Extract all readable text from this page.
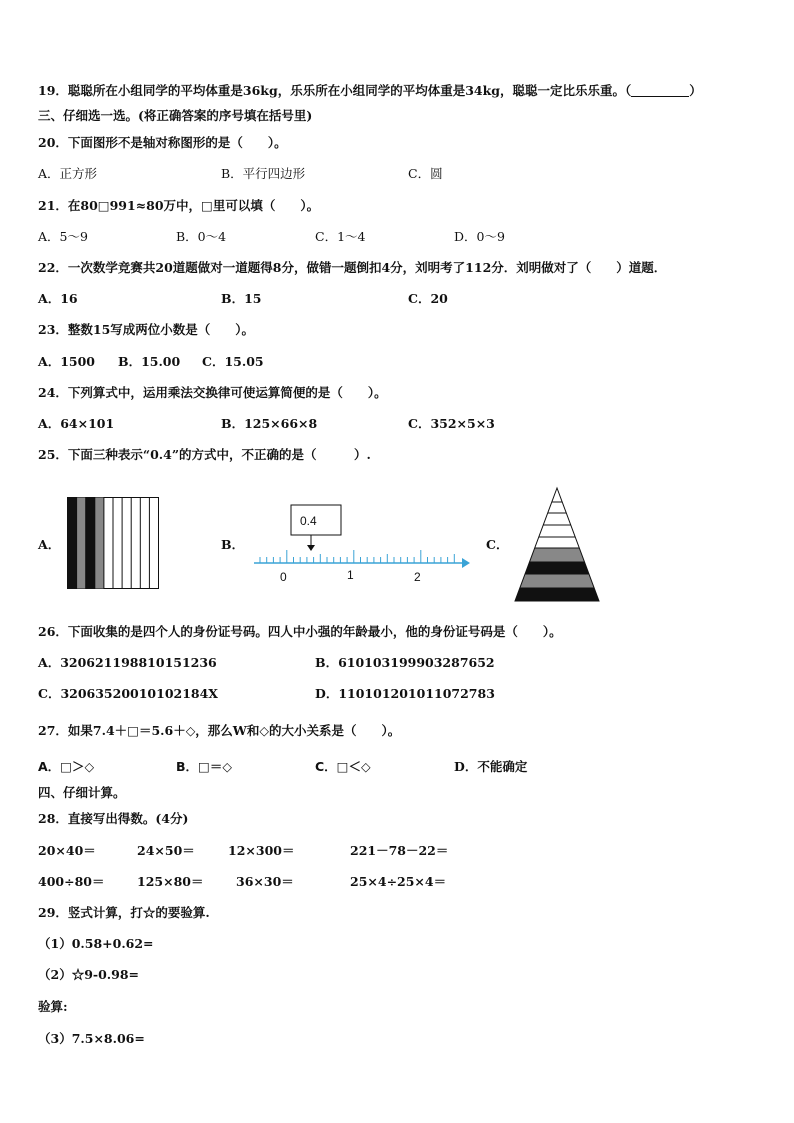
19．聪聪所在小组同学的平均体重是36kg，乐乐所在小组同学的平均体重是34kg，聪聪一定比乐乐重。（	）
三、仔细选一选。(将正确答案的序号填在括号里)
20．下面图形不是轴对称图形的是（　　）。
A．正方形	B．平行四边形	C．圆
21．在80□991≈80万中，□里可以填（　　）。
A．5～9	B．0～4	C．1～4	D．0～9
22．一次数学竞赛共20道题做对一道题得8分，做错一题倒扣4分，刘明考了112分．刘明做对了（　　）道题．
A．16	B．15	C．20
23．整数15写成两位小数是（　　）。
A．1500 B．15.00 C．15.05
24．下列算式中，运用乘法交换律可使运算简便的是（　　）。
A．64×101	B．125×66×8	C．352×5×3
25．下面三种表示“0.4”的方式中，不正确的是（　　　）.
A．	B．	C．
0.4
0	1	2
26．下面收集的是四个人的身份证号码。四人中小强的年龄最小，他的身份证号码是（　　）。
A．320621198810151236	B．610103199903287652
C．32063520010102184X	D．110101201011072783
27．如果7.4＋□＝5.6＋◇，那么W和◇的大小关系是（　　）。
A．□＞◇	B．□＝◇	C．□＜◇	D．不能确定
四、仔细计算。
28．直接写出得数。(4分)
20×40＝	24×50＝	12×300＝	221－78－22＝
400÷80＝	125×80＝	36×30＝	25×4÷25×4＝
29．竖式计算，打☆的要验算.
（1）0.58+0.62=
（2）☆9-0.98=
验算:
（3）7.5×8.06=
